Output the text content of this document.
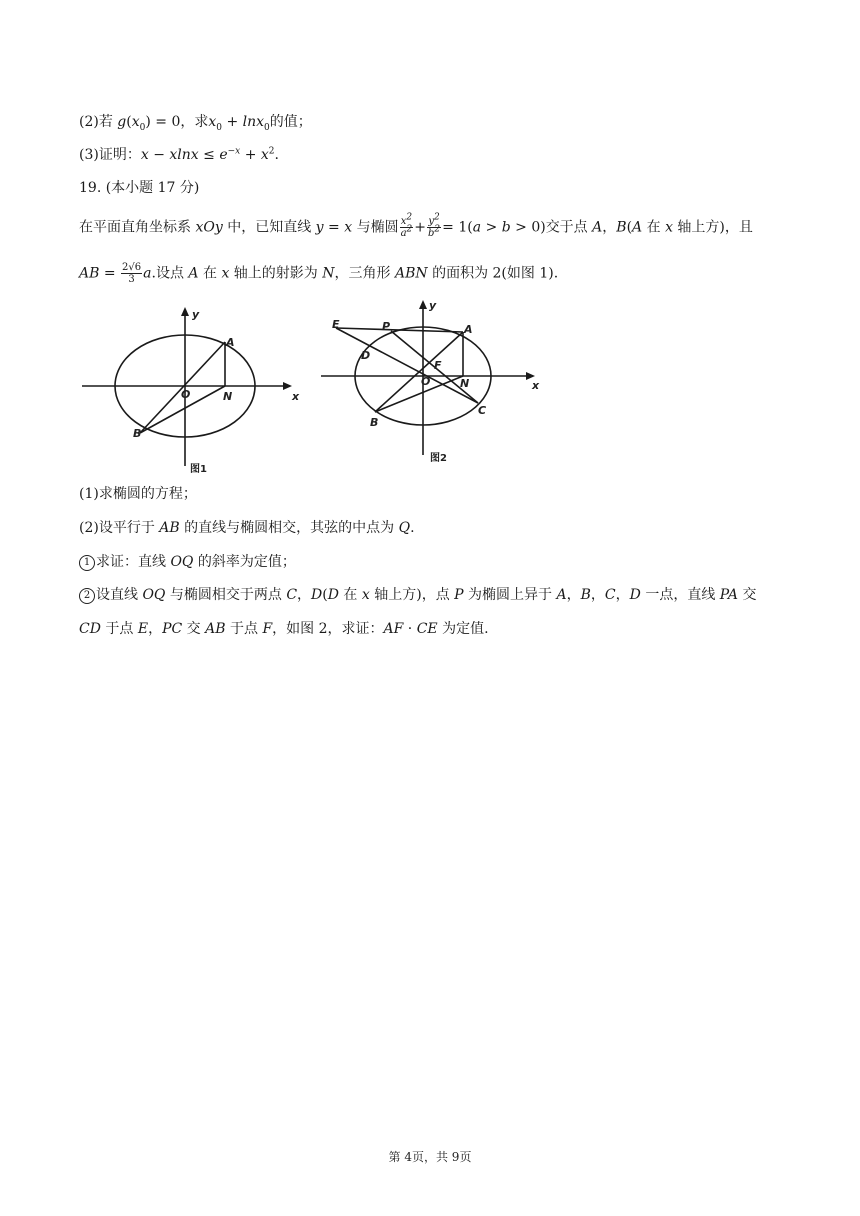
(2)若 $g(x_0) = 0$，求$x_0 + \ln x_0$的值；
(3)证明：$x - xlnx \le e^{-x} + x^2$.
19. (本小题 17 分)
在平面直角坐标系 xOy 中，已知直线 y = x 与椭圆 $\frac{x^2}{a^2} + \frac{y^2}{b^2} = 1(a > b > 0)$交于点 A，B(A 在 x 轴上方)，且
AB = $\frac{2√6}{3} a$.设点 A 在 x 轴上的射影为 N，三角形 ABN 的面积为 2(如图 1).
y
x
A
O	N
B
图1
y
x
E	P	A
D
F
O	N
B
C
图2
(1)求椭圆的方程；
(2)设平行于 AB 的直线与椭圆相交，其弦的中点为 Q.
1 求证：直线 OQ 的斜率为定值；
2 设直线 OQ 与椭圆相交于两点 C，D(D 在 x 轴上方)，点 P 为椭圆上异于 A，B，C，D 一点，直线 PA 交
CD 于点 E，PC 交 AB 于点 F，如图 2，求证：AF · CE 为定值.
第 4页，共 9页
